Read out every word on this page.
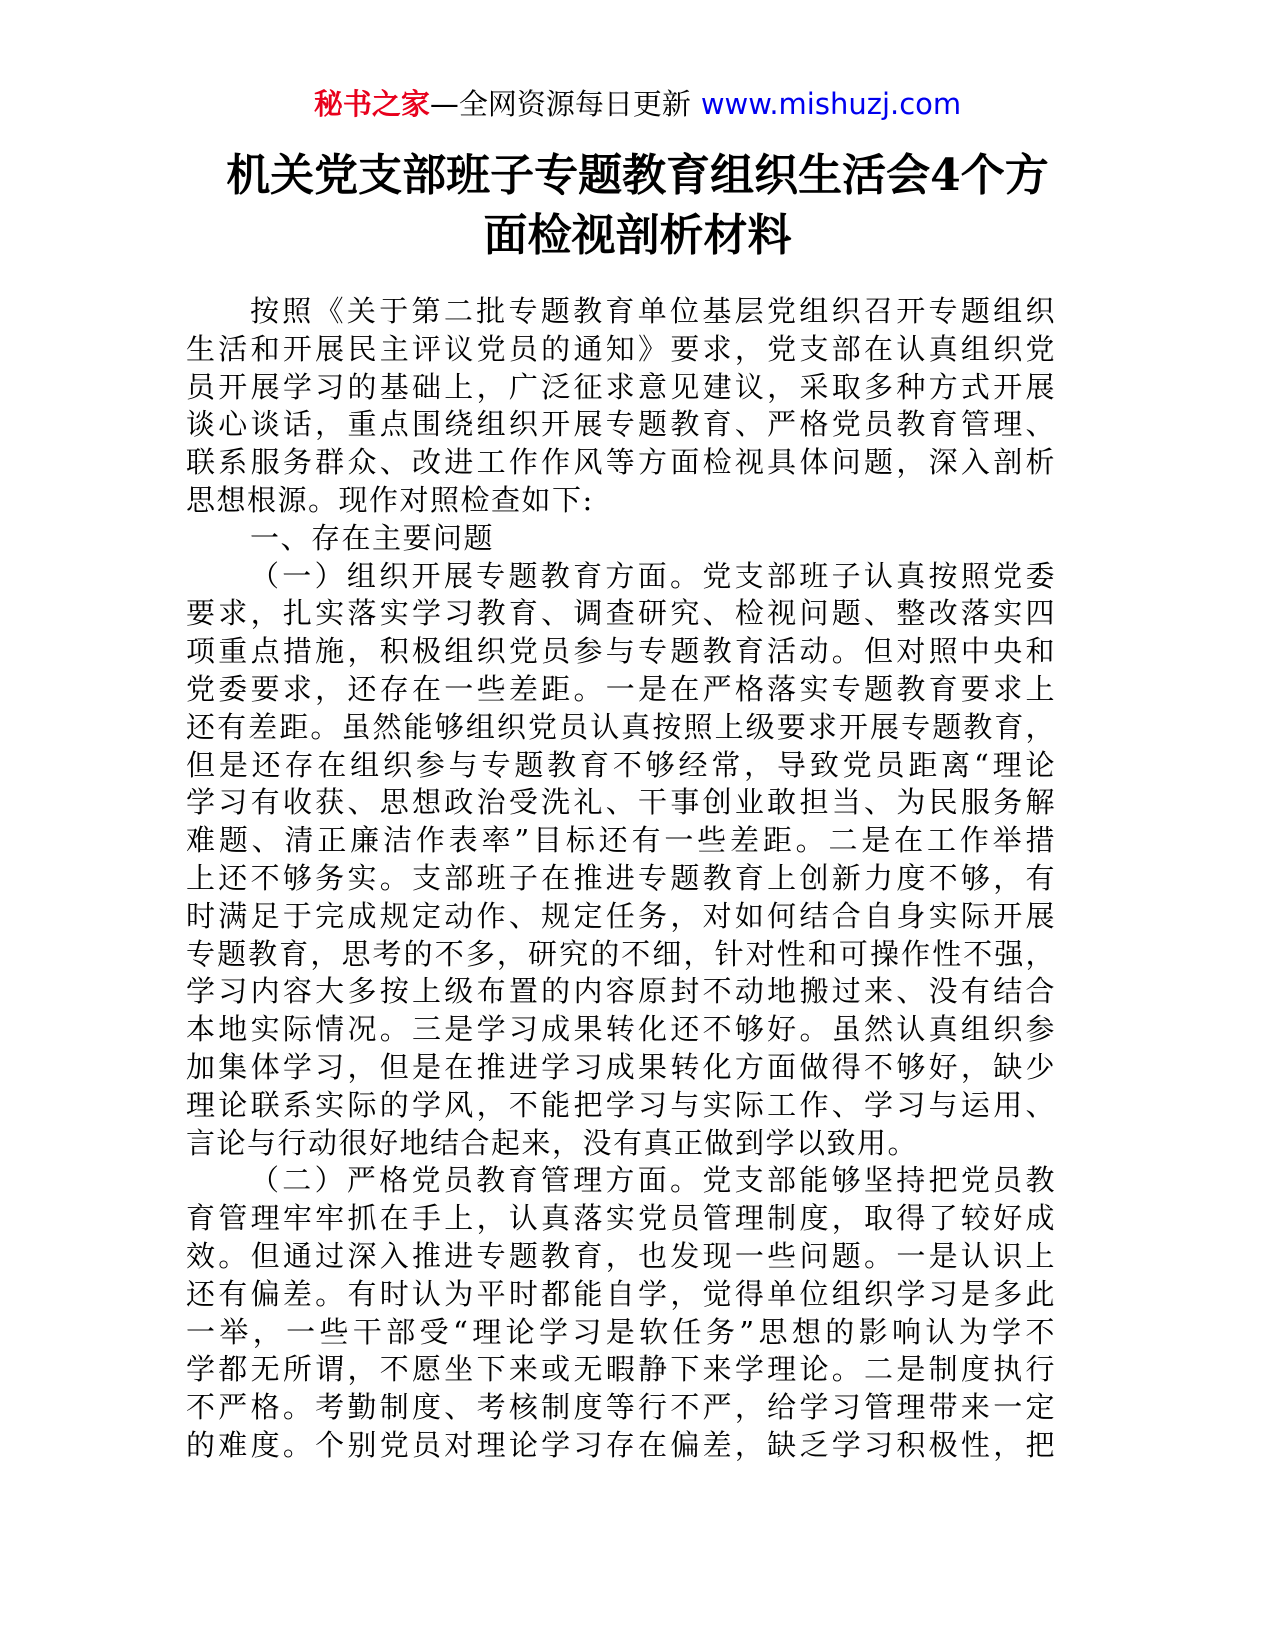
秘书之家—全网资源每日更新 www.mishuzj.com
机关党支部班子专题教育组织生活会4个方
面检视剖析材料
按照《关于第二批专题教育单位基层党组织召开专题组织
生活和开展民主评议党员的通知》要求，党支部在认真组织党
员开展学习的基础上，广泛征求意见建议，采取多种方式开展
谈心谈话，重点围绕组织开展专题教育、严格党员教育管理、
联系服务群众、改进工作作风等方面检视具体问题，深入剖析
思想根源。现作对照检查如下:
一、存在主要问题
（一）组织开展专题教育方面。党支部班子认真按照党委
要求，扎实落实学习教育、调查研究、检视问题、整改落实四
项重点措施，积极组织党员参与专题教育活动。但对照中央和
党委要求，还存在一些差距。一是在严格落实专题教育要求上
还有差距。虽然能够组织党员认真按照上级要求开展专题教育，
但是还存在组织参与专题教育不够经常，导致党员距离“理论
学习有收获、思想政治受洗礼、干事创业敢担当、为民服务解
难题、清正廉洁作表率”目标还有一些差距。二是在工作举措
上还不够务实。支部班子在推进专题教育上创新力度不够，有
时满足于完成规定动作、规定任务，对如何结合自身实际开展
专题教育，思考的不多，研究的不细，针对性和可操作性不强，
学习内容大多按上级布置的内容原封不动地搬过来、没有结合
本地实际情况。三是学习成果转化还不够好。虽然认真组织参
加集体学习，但是在推进学习成果转化方面做得不够好，缺少
理论联系实际的学风，不能把学习与实际工作、学习与运用、
言论与行动很好地结合起来，没有真正做到学以致用。
（二）严格党员教育管理方面。党支部能够坚持把党员教
育管理牢牢抓在手上，认真落实党员管理制度，取得了较好成
效。但通过深入推进专题教育，也发现一些问题。一是认识上
还有偏差。有时认为平时都能自学，觉得单位组织学习是多此
一举，一些干部受“理论学习是软任务”思想的影响认为学不
学都无所谓，不愿坐下来或无暇静下来学理论。二是制度执行
不严格。考勤制度、考核制度等行不严，给学习管理带来一定
的难度。个别党员对理论学习存在偏差，缺乏学习积极性，把
